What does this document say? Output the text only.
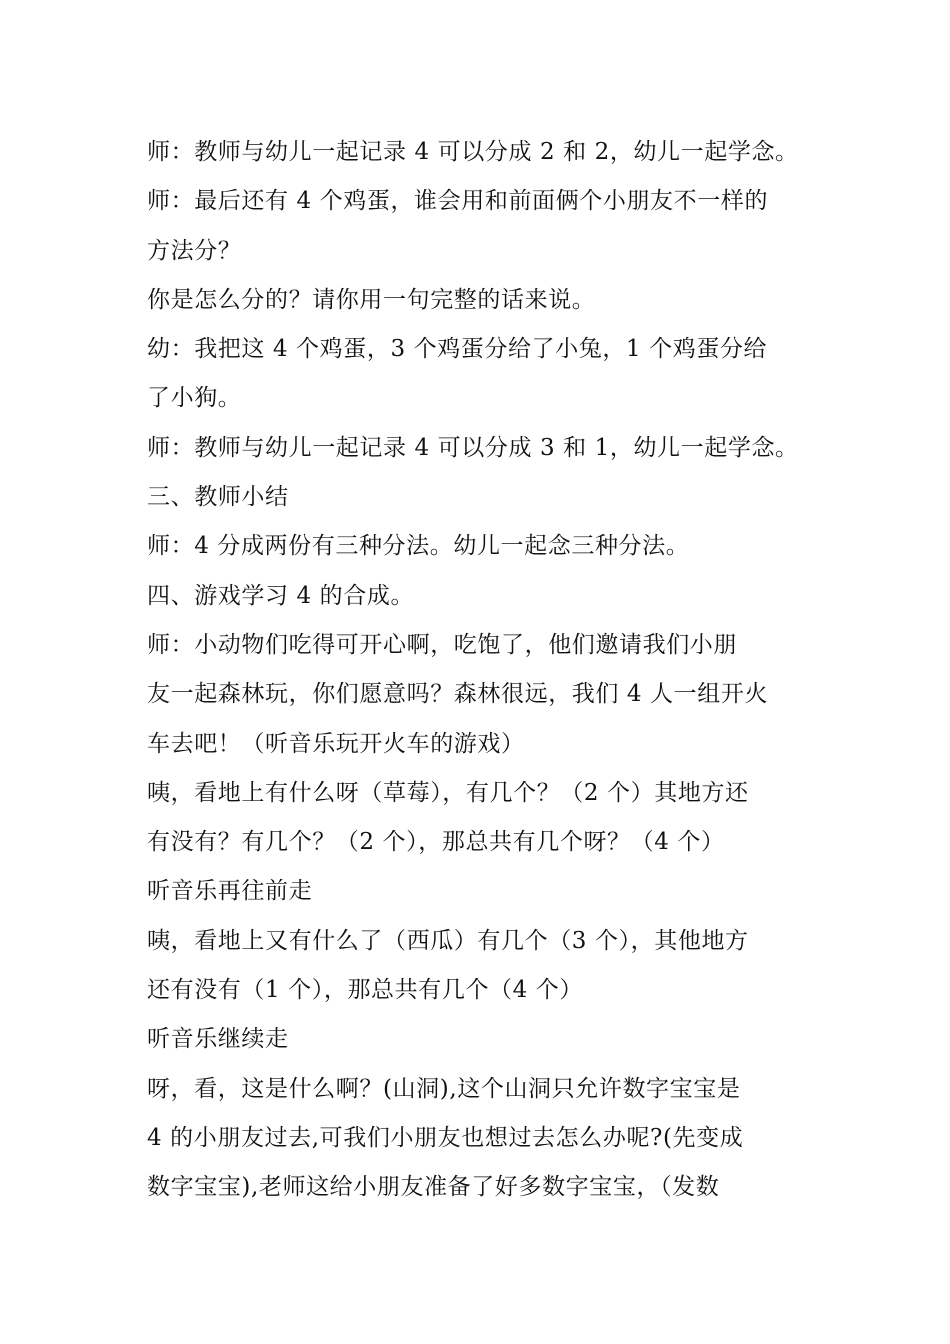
师：教师与幼儿一起记录 4 可以分成 2 和 2，幼儿一起学念。
师：最后还有 4 个鸡蛋，谁会用和前面俩个小朋友不一样的
方法分？
你是怎么分的？请你用一句完整的话来说。
幼：我把这 4 个鸡蛋，3 个鸡蛋分给了小兔，1 个鸡蛋分给
了小狗。
师：教师与幼儿一起记录 4 可以分成 3 和 1，幼儿一起学念。
三、教师小结
师：4 分成两份有三种分法。幼儿一起念三种分法。
四、游戏学习 4 的合成。
师：小动物们吃得可开心啊，吃饱了，他们邀请我们小朋
友一起森林玩，你们愿意吗？森林很远，我们 4 人一组开火
车去吧！（听音乐玩开火车的游戏）
咦，看地上有什么呀（草莓），有几个？（2 个）其地方还
有没有？有几个？（2 个），那总共有几个呀？（4 个）
听音乐再往前走
咦，看地上又有什么了（西瓜）有几个（3 个），其他地方
还有没有（1 个），那总共有几个（4 个）
听音乐继续走
呀，看，这是什么啊？(山洞),这个山洞只允许数字宝宝是
4 的小朋友过去,可我们小朋友也想过去怎么办呢?(先变成
数字宝宝),老师这给小朋友准备了好多数字宝宝，（发数
